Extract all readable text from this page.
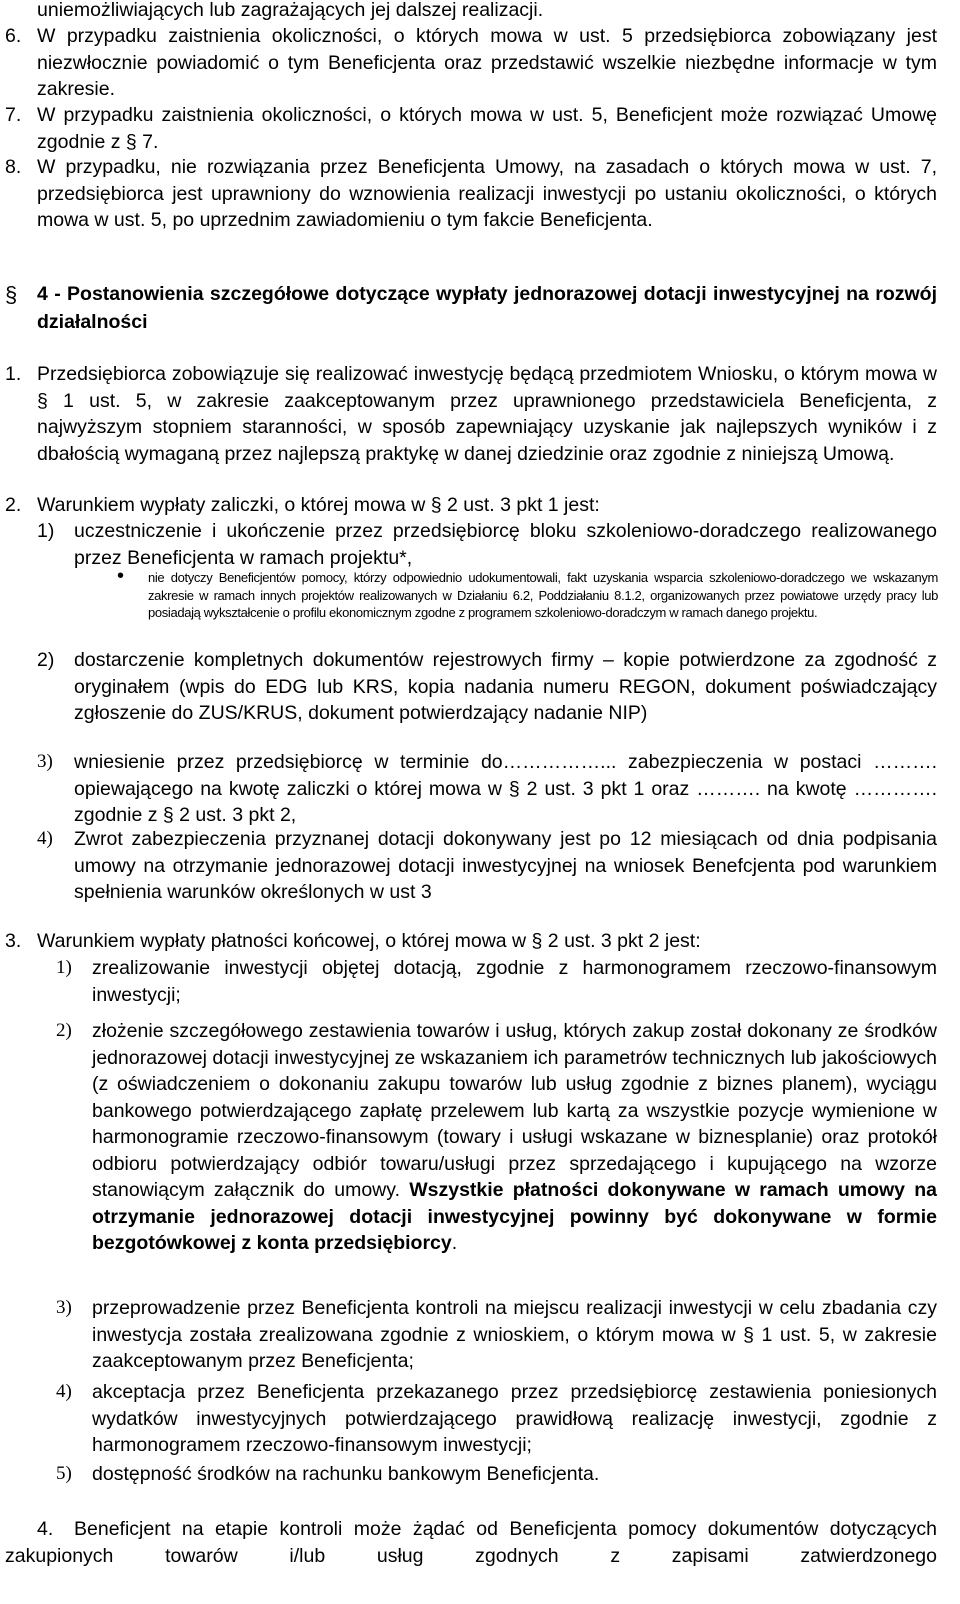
uniemożliwiających lub zagrażających jej dalszej realizacji.
6. W przypadku zaistnienia okoliczności, o których mowa w ust. 5 przedsiębiorca zobowiązany jest niezwłocznie powiadomić o tym Beneficjenta oraz przedstawić wszelkie niezbędne informacje w tym zakresie.
7. W przypadku zaistnienia okoliczności, o których mowa w ust. 5, Beneficjent może rozwiązać Umowę zgodnie z § 7.
8. W przypadku, nie rozwiązania przez Beneficjenta Umowy, na zasadach o których mowa w ust. 7, przedsiębiorca jest uprawniony do wznowienia realizacji inwestycji po ustaniu okoliczności, o których mowa w ust. 5, po uprzednim zawiadomieniu o tym fakcie Beneficjenta.
§ 4 - Postanowienia szczegółowe dotyczące wypłaty jednorazowej dotacji inwestycyjnej na rozwój działalności
1. Przedsiębiorca zobowiązuje się realizować inwestycję będącą przedmiotem Wniosku, o którym mowa w § 1 ust. 5, w zakresie zaakceptowanym przez uprawnionego przedstawiciela Beneficjenta, z najwyższym stopniem staranności, w sposób zapewniający uzyskanie jak najlepszych wyników i z dbałością wymaganą przez najlepszą praktykę w danej dziedzinie oraz zgodnie z niniejszą Umową.
2. Warunkiem wypłaty zaliczki, o której mowa w § 2 ust. 3 pkt 1 jest:
1) uczestniczenie i ukończenie przez przedsiębiorcę bloku szkoleniowo-doradczego realizowanego przez Beneficjenta w ramach projektu*,
• nie dotyczy Beneficjentów pomocy, którzy odpowiednio udokumentowali, fakt uzyskania wsparcia szkoleniowo-doradczego we wskazanym zakresie w ramach innych projektów realizowanych w Działaniu 6.2, Poddziałaniu 8.1.2, organizowanych przez powiatowe urzędy pracy lub posiadają wykształcenie o profilu ekonomicznym zgodne z programem szkoleniowo-doradczym w ramach danego projektu.
2) dostarczenie kompletnych dokumentów rejestrowych firmy – kopie potwierdzone za zgodność z oryginałem (wpis do EDG lub KRS, kopia nadania numeru REGON, dokument poświadczający zgłoszenie do ZUS/KRUS, dokument potwierdzający nadanie NIP)
3) wniesienie przez przedsiębiorcę w terminie do……………... zabezpieczenia w postaci ………. opiewającego na kwotę zaliczki o której mowa w § 2 ust. 3 pkt 1 oraz ………. na kwotę …………. zgodnie z § 2 ust. 3 pkt 2,
4) Zwrot zabezpieczenia przyznanej dotacji dokonywany jest po 12 miesiącach od dnia podpisania umowy na otrzymanie jednorazowej dotacji inwestycyjnej na wniosek Benefcjenta pod warunkiem spełnienia warunków określonych w ust 3
3. Warunkiem wypłaty płatności końcowej, o której mowa w § 2 ust. 3 pkt 2 jest:
1) zrealizowanie inwestycji objętej dotacją, zgodnie z harmonogramem rzeczowo-finansowym inwestycji;
2) złożenie szczegółowego zestawienia towarów i usług, których zakup został dokonany ze środków jednorazowej dotacji inwestycyjnej ze wskazaniem ich parametrów technicznych lub jakościowych (z oświadczeniem o dokonaniu zakupu towarów lub usług zgodnie z biznes planem), wyciągu bankowego potwierdzającego zapłatę przelewem lub kartą za wszystkie pozycje wymienione w harmonogramie rzeczowo-finansowym (towary i usługi wskazane w biznesplanie) oraz protokół odbioru potwierdzający odbiór towaru/usługi przez sprzedającego i kupującego na wzorze stanowiącym załącznik do umowy. Wszystkie płatności dokonywane w ramach umowy na otrzymanie jednorazowej dotacji inwestycyjnej powinny być dokonywane w formie bezgotówkowej z konta przedsiębiorcy.
3) przeprowadzenie przez Beneficjenta kontroli na miejscu realizacji inwestycji w celu zbadania czy inwestycja została zrealizowana zgodnie z wnioskiem, o którym mowa w § 1 ust. 5, w zakresie zaakceptowanym przez Beneficjenta;
4) akceptacja przez Beneficjenta przekazanego przez przedsiębiorcę zestawienia poniesionych wydatków inwestycyjnych potwierdzającego prawidłową realizację inwestycji, zgodnie z harmonogramem rzeczowo-finansowym inwestycji;
5) dostępność środków na rachunku bankowym Beneficjenta.
4.	Beneficjent na etapie kontroli może żądać od Beneficjenta pomocy dokumentów dotyczących zakupionych towarów i/lub usług zgodnych z zapisami zatwierdzonego
